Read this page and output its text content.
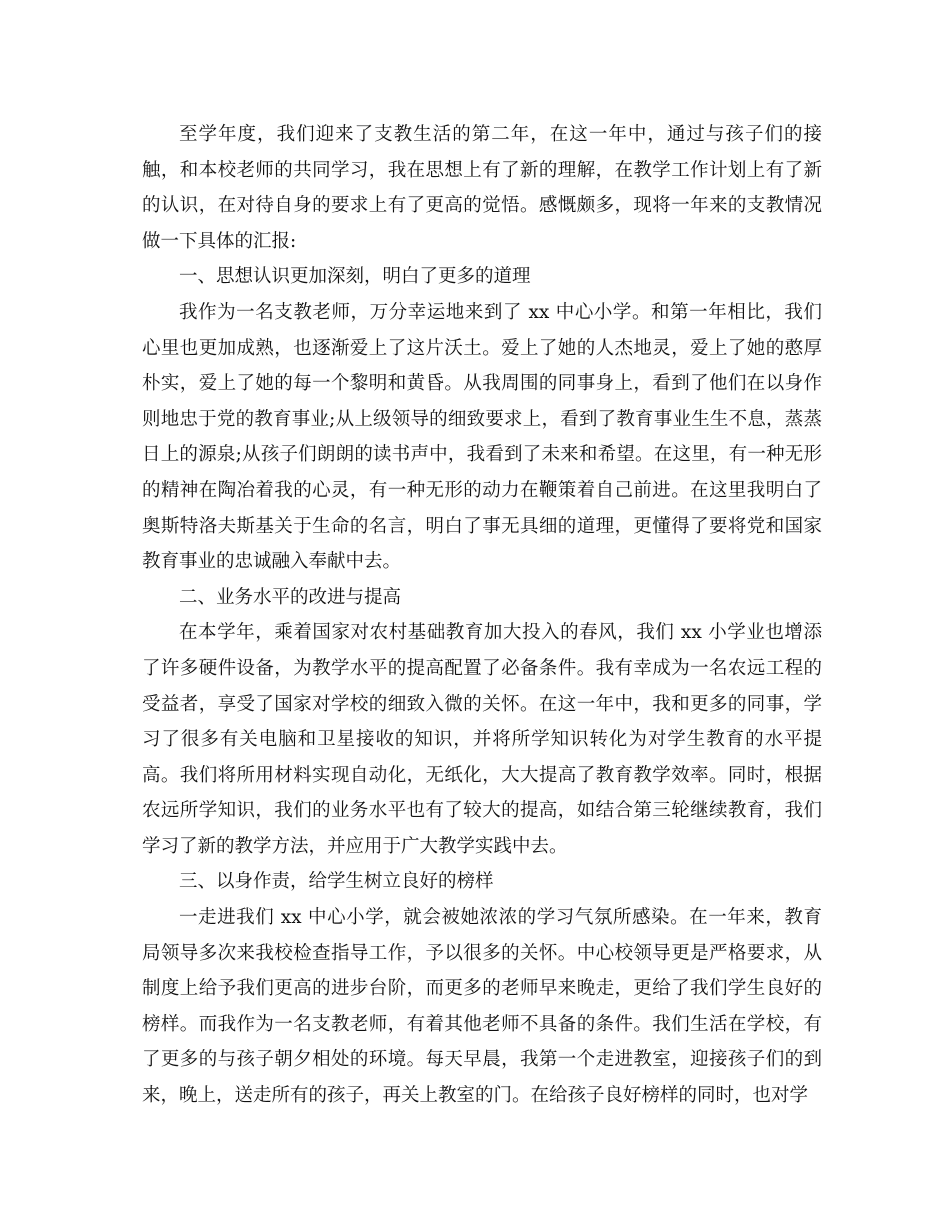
至学年度，我们迎来了支教生活的第二年，在这一年中，通过与孩子们的接触，和本校老师的共同学习，我在思想上有了新的理解，在教学工作计划上有了新的认识，在对待自身的要求上有了更高的觉悟。感慨颇多，现将一年来的支教情况做一下具体的汇报:

一、思想认识更加深刻，明白了更多的道理

我作为一名支教老师，万分幸运地来到了 xx 中心小学。和第一年相比，我们心里也更加成熟，也逐渐爱上了这片沃土。爱上了她的人杰地灵，爱上了她的憨厚朴实，爱上了她的每一个黎明和黄昏。从我周围的同事身上，看到了他们在以身作则地忠于党的教育事业;从上级领导的细致要求上，看到了教育事业生生不息，蒸蒸日上的源泉;从孩子们朗朗的读书声中，我看到了未来和希望。在这里，有一种无形的精神在陶冶着我的心灵，有一种无形的动力在鞭策着自己前进。在这里我明白了奥斯特洛夫斯基关于生命的名言，明白了事无具细的道理，更懂得了要将党和国家教育事业的忠诚融入奉献中去。

二、业务水平的改进与提高

在本学年，乘着国家对农村基础教育加大投入的春风，我们 xx 小学业也增添了许多硬件设备，为教学水平的提高配置了必备条件。我有幸成为一名农远工程的受益者，享受了国家对学校的细致入微的关怀。在这一年中，我和更多的同事，学习了很多有关电脑和卫星接收的知识，并将所学知识转化为对学生教育的水平提高。我们将所用材料实现自动化，无纸化，大大提高了教育教学效率。同时，根据农远所学知识，我们的业务水平也有了较大的提高，如结合第三轮继续教育，我们学习了新的教学方法，并应用于广大教学实践中去。

三、以身作责，给学生树立良好的榜样

一走进我们 xx 中心小学，就会被她浓浓的学习气氛所感染。在一年来，教育局领导多次来我校检查指导工作，予以很多的关怀。中心校领导更是严格要求，从制度上给予我们更高的进步台阶，而更多的老师早来晚走，更给了我们学生良好的榜样。而我作为一名支教老师，有着其他老师不具备的条件。我们生活在学校，有了更多的与孩子朝夕相处的环境。每天早晨，我第一个走进教室，迎接孩子们的到来，晚上，送走所有的孩子，再关上教室的门。在给孩子良好榜样的同时，也对学
